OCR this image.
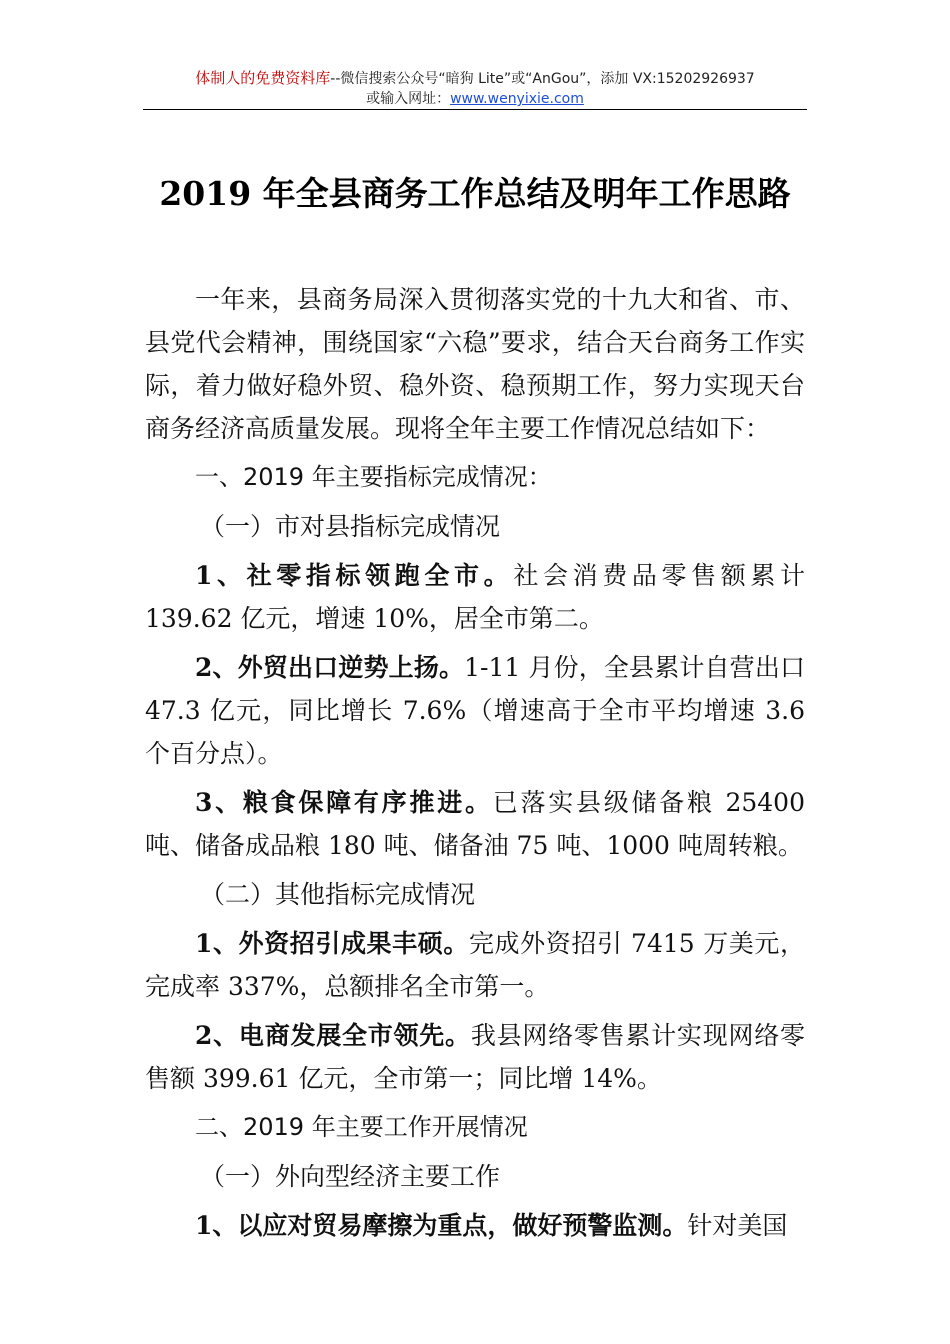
体制人的免费资料库--微信搜索公众号“暗狗 Lite”或“AnGou”，添加 VX:15202926937
或输入网址：www.wenyixie.com
2019 年全县商务工作总结及明年工作思路

一年来，县商务局深入贯彻落实党的十九大和省、市、县党代会精神，围绕国家“六稳”要求，结合天台商务工作实际，着力做好稳外贸、稳外资、稳预期工作，努力实现天台商务经济高质量发展。现将全年主要工作情况总结如下：

一、2019 年主要指标完成情况：

（一）市对县指标完成情况

1、社零指标领跑全市。社会消费品零售额累计 139.62 亿元，增速 10%，居全市第二。

2、外贸出口逆势上扬。1-11 月份，全县累计自营出口 47.3 亿元，同比增长 7.6%（增速高于全市平均增速 3.6 个百分点）。

3、粮食保障有序推进。已落实县级储备粮 25400 吨、储备成品粮 180 吨、储备油 75 吨、1000 吨周转粮。

（二）其他指标完成情况

1、外资招引成果丰硕。完成外资招引 7415 万美元，完成率 337%，总额排名全市第一。

2、电商发展全市领先。我县网络零售累计实现网络零售额 399.61 亿元，全市第一；同比增 14%。

二、2019 年主要工作开展情况

（一）外向型经济主要工作

1、以应对贸易摩擦为重点，做好预警监测。针对美国
